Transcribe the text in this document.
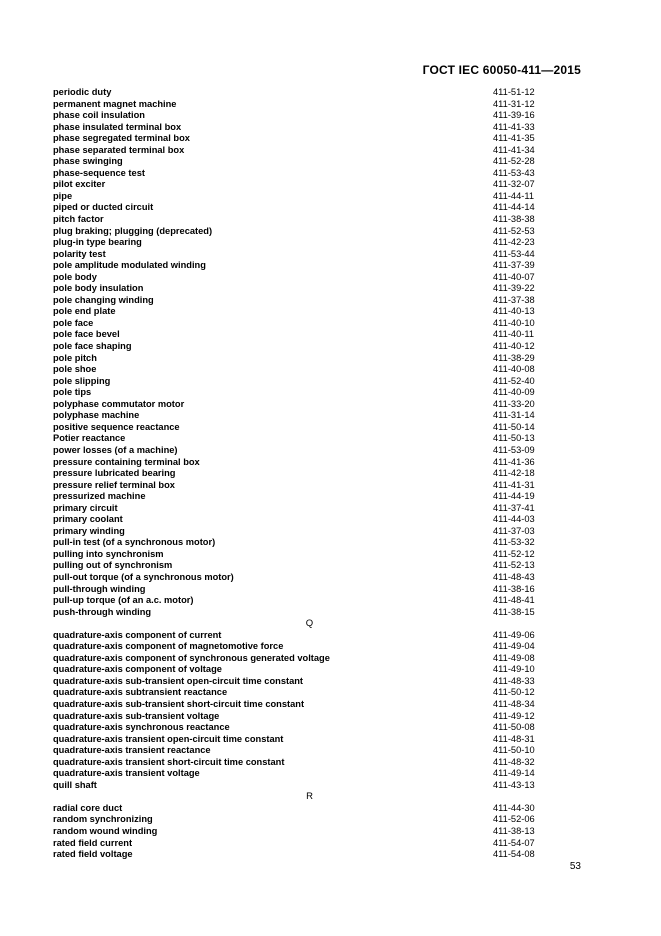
ГОСТ IEC 60050-411—2015
periodic duty	411-51-12
permanent magnet machine	411-31-12
phase coil insulation	411-39-16
phase insulated terminal box	411-41-33
phase segregated terminal box	411-41-35
phase separated terminal box	411-41-34
phase swinging	411-52-28
phase-sequence test	411-53-43
pilot exciter	411-32-07
pipe	411-44-11
piped or ducted circuit	411-44-14
pitch factor	411-38-38
plug braking; plugging (deprecated)	411-52-53
plug-in type bearing	411-42-23
polarity test	411-53-44
pole amplitude modulated winding	411-37-39
pole body	411-40-07
pole body insulation	411-39-22
pole changing winding	411-37-38
pole end plate	411-40-13
pole face	411-40-10
pole face bevel	411-40-11
pole face shaping	411-40-12
pole pitch	411-38-29
pole shoe	411-40-08
pole slipping	411-52-40
pole tips	411-40-09
polyphase commutator motor	411-33-20
polyphase machine	411-31-14
positive sequence reactance	411-50-14
Potier reactance	411-50-13
power losses (of a machine)	411-53-09
pressure containing terminal box	411-41-36
pressure lubricated bearing	411-42-18
pressure relief terminal box	411-41-31
pressurized machine	411-44-19
primary circuit	411-37-41
primary coolant	411-44-03
primary winding	411-37-03
pull-in test (of a synchronous motor)	411-53-32
pulling into synchronism	411-52-12
pulling out of synchronism	411-52-13
pull-out torque (of a synchronous motor)	411-48-43
pull-through winding	411-38-16
pull-up torque (of an a.c. motor)	411-48-41
push-through winding	411-38-15
Q
quadrature-axis component of current	411-49-06
quadrature-axis component of magnetomotive force	411-49-04
quadrature-axis component of synchronous generated voltage	411-49-08
quadrature-axis component of voltage	411-49-10
quadrature-axis sub-transient open-circuit time constant	411-48-33
quadrature-axis subtransient reactance	411-50-12
quadrature-axis sub-transient short-circuit time constant	411-48-34
quadrature-axis sub-transient voltage	411-49-12
quadrature-axis synchronous reactance	411-50-08
quadrature-axis transient open-circuit time constant	411-48-31
quadrature-axis transient reactance	411-50-10
quadrature-axis transient short-circuit time constant	411-48-32
quadrature-axis transient voltage	411-49-14
quill shaft	411-43-13
R
radial core duct	411-44-30
random synchronizing	411-52-06
random wound winding	411-38-13
rated field current	411-54-07
rated field voltage	411-54-08
53
